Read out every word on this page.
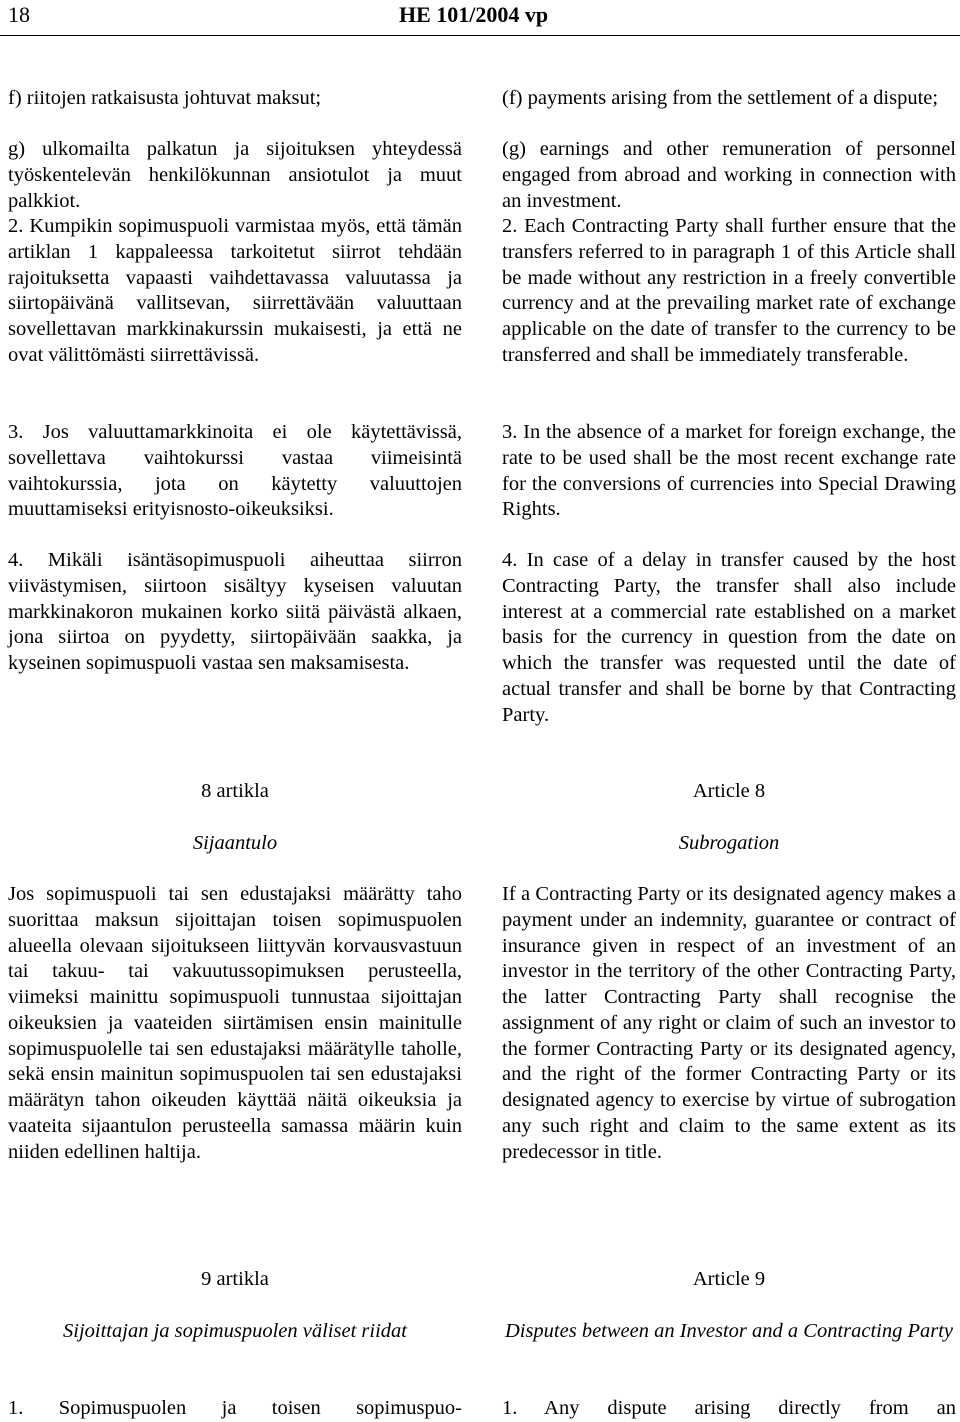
18	HE 101/2004 vp

f) riitojen ratkaisusta johtuvat maksut;

g) ulkomailta palkatun ja sijoituksen yhteydessä työskentelevän henkilökunnan ansiotulot ja muut palkkiot.

2. Kumpikin sopimuspuoli varmistaa myös, että tämän artiklan 1 kappaleessa tarkoitetut siirrot tehdään rajoituksetta vapaasti vaihdettavassa valuutassa ja siirtopäivänä vallitsevan, siirrettävään valuuttaan sovellettavan markkinakurssin mukaisesti, ja että ne ovat välittömästi siirrettävissä.

3. Jos valuuttamarkkinoita ei ole käytettävissä, sovellettava vaihtokurssi vastaa viimeisintä vaihtokurssia, jota on käytetty valuuttojen muuttamiseksi erityisnosto-oikeuksiksi.

4. Mikäli isäntäsopimuspuoli aiheuttaa siirron viivästymisen, siirtoon sisältyy kyseisen valuutan markkinakoron mukainen korko siitä päivästä alkaen, jona siirtoa on pyydetty, siirtopäivään saakka, ja kyseinen sopimuspuoli vastaa sen maksamisesta.

8 artikla

Sijaantulo

Jos sopimuspuoli tai sen edustajaksi määrätty taho suorittaa maksun sijoittajan toisen sopimuspuolen alueella olevaan sijoitukseen liittyvän korvausvastuun tai takuu- tai vakuutussopimuksen perusteella, viimeksi mainittu sopimuspuoli tunnustaa sijoittajan oikeuksien ja vaateiden siirtämisen ensin mainitulle sopimuspuolelle tai sen edustajaksi määrätylle taholle, sekä ensin mainitun sopimuspuolen tai sen edustajaksi määrätyn tahon oikeuden käyttää näitä oikeuksia ja vaateita sijaantulon perusteella samassa määrin kuin niiden edellinen haltija.

9 artikla

Sijoittajan ja sopimuspuolen väliset riidat

1. Sopimuspuolen ja toisen sopimuspuo-

(f) payments arising from the settlement of a dispute;

(g) earnings and other remuneration of personnel engaged from abroad and working in connection with an investment.

2. Each Contracting Party shall further ensure that the transfers referred to in paragraph 1 of this Article shall be made without any restriction in a freely convertible currency and at the prevailing market rate of exchange applicable on the date of transfer to the currency to be transferred and shall be immediately transferable.

3. In the absence of a market for foreign exchange, the rate to be used shall be the most recent exchange rate for the conversions of currencies into Special Drawing Rights.

4. In case of a delay in transfer caused by the host Contracting Party, the transfer shall also include interest at a commercial rate established on a market basis for the currency in question from the date on which the transfer was requested until the date of actual transfer and shall be borne by that Contracting Party.

Article 8

Subrogation

If a Contracting Party or its designated agency makes a payment under an indemnity, guarantee or contract of insurance given in respect of an investment of an investor in the territory of the other Contracting Party, the latter Contracting Party shall recognise the assignment of any right or claim of such an investor to the former Contracting Party or its designated agency, and the right of the former Contracting Party or its designated agency to exercise by virtue of subrogation any such right and claim to the same extent as its predecessor in title.

Article 9

Disputes between an Investor and a Contracting Party

1. Any dispute arising directly from an
